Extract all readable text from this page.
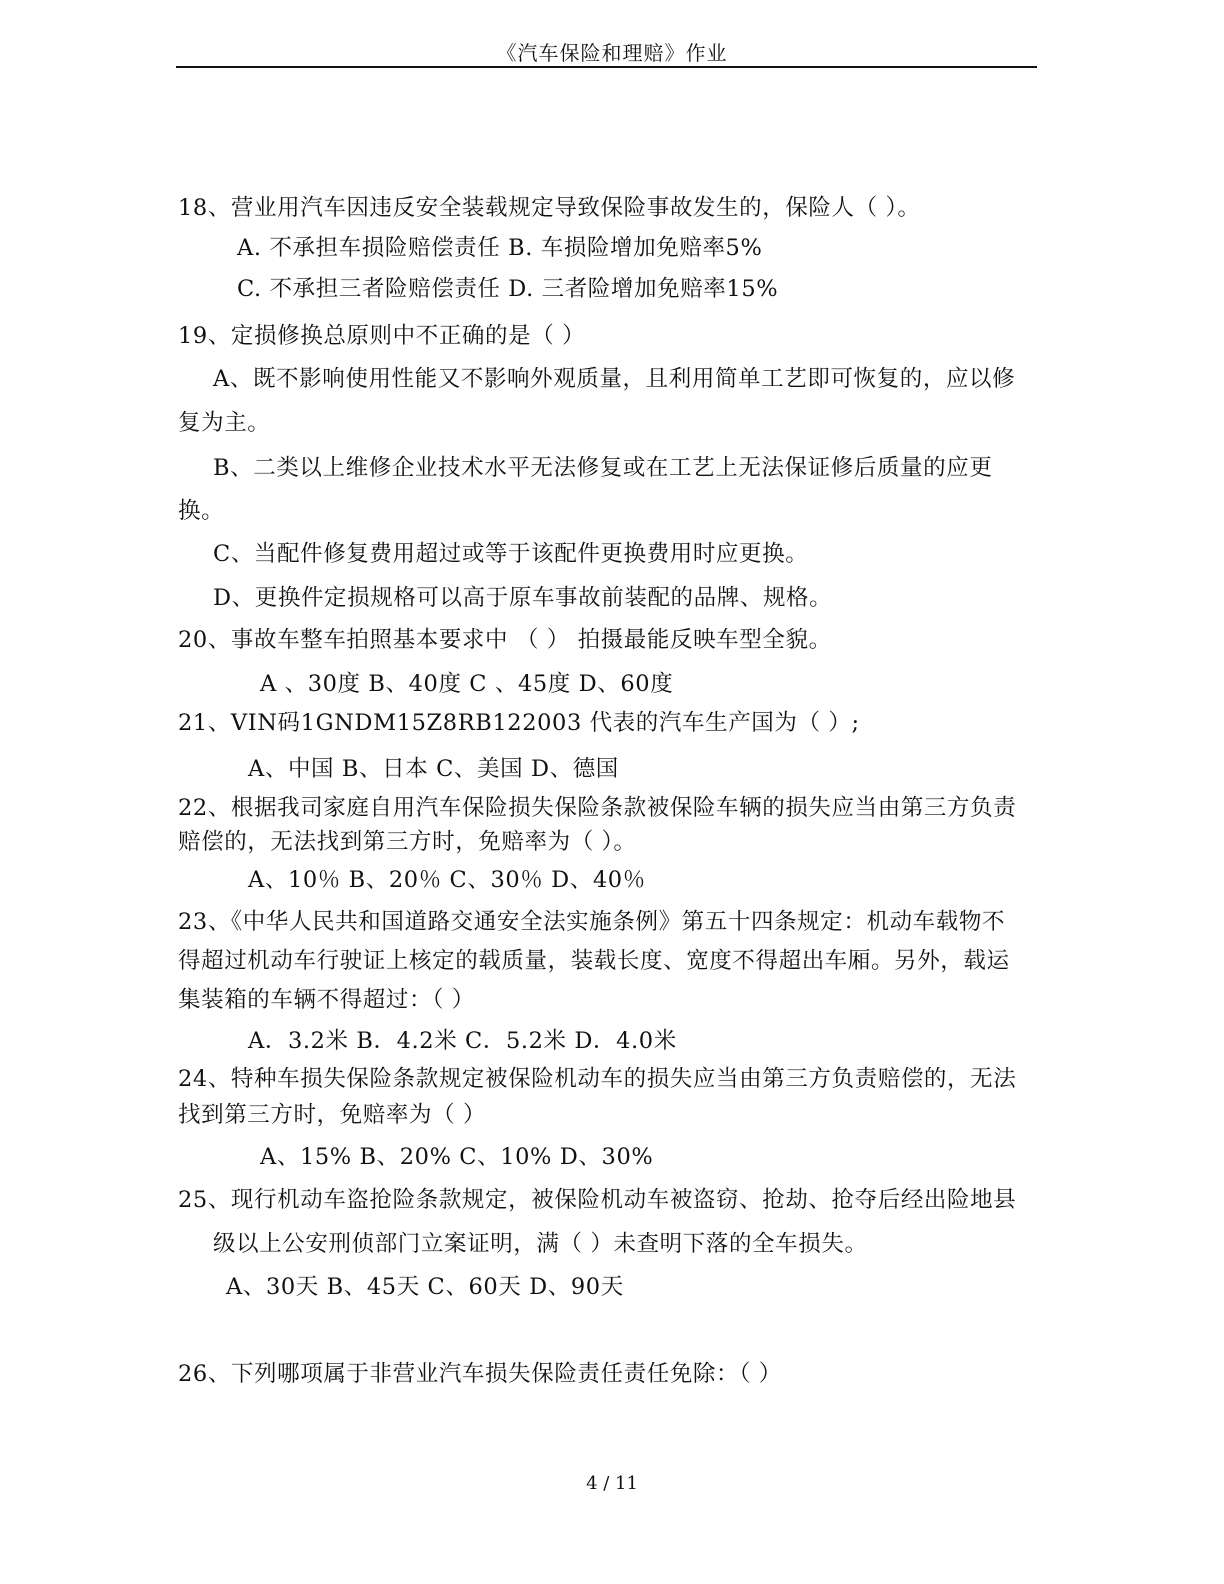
《汽车保险和理赔》作业
18、营业用汽车因违反安全装载规定导致保险事故发生的，保险人（ ）。
A. 不承担车损险赔偿责任 B. 车损险增加免赔率5%
C. 不承担三者险赔偿责任 D. 三者险增加免赔率15%
19、定损修换总原则中不正确的是（ ）
A、既不影响使用性能又不影响外观质量，且利用简单工艺即可恢复的，应以修
复为主。
B、二类以上维修企业技术水平无法修复或在工艺上无法保证修后质量的应更
换。
C、当配件修复费用超过或等于该配件更换费用时应更换。
D、更换件定损规格可以高于原车事故前装配的品牌、规格。
20、事故车整车拍照基本要求中 （ ） 拍摄最能反映车型全貌。
A 、30度 B、40度 C 、45度 D、60度
21、VIN码1GNDM15Z8RB122003 代表的汽车生产国为（ ）;
A、中国 B、日本 C、美国 D、德国
22、根据我司家庭自用汽车保险损失保险条款被保险车辆的损失应当由第三方负责
赔偿的，无法找到第三方时，免赔率为（ ）。
A、10％ B、20％ C、30％ D、40％
23、《中华人民共和国道路交通安全法实施条例》第五十四条规定：机动车载物不
得超过机动车行驶证上核定的载质量，装载长度、宽度不得超出车厢。另外，载运
集装箱的车辆不得超过：（ ）
A．3.2米 B．4.2米 C．5.2米 D．4.0米
24、特种车损失保险条款规定被保险机动车的损失应当由第三方负责赔偿的，无法
找到第三方时，免赔率为（ ）
A、15% B、20% C、10% D、30%
25、现行机动车盗抢险条款规定，被保险机动车被盗窃、抢劫、抢夺后经出险地县
级以上公安刑侦部门立案证明，满（ ）未查明下落的全车损失。
A、30天 B、45天 C、60天 D、90天
26、下列哪项属于非营业汽车损失保险责任责任免除：（ ）
4 / 11
